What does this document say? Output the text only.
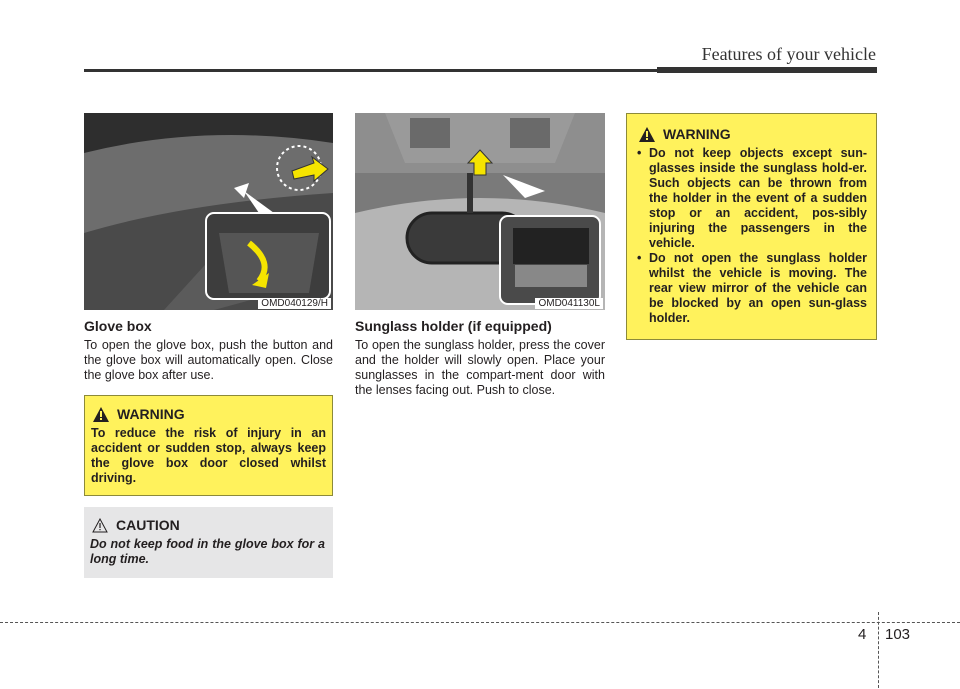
Features of your vehicle
OMD040129/H
Glove box
To open the glove box, push the button and the glove box will automatically open. Close the glove box after use.
WARNING
To reduce the risk of injury in an accident or sudden stop, always keep the glove box door closed whilst driving.
CAUTION
Do not keep food in the glove box for a long time.
OMD041130L
Sunglass holder (if equipped)
To open the sunglass holder, press the cover and the holder will slowly open. Place your sunglasses in the compart-ment door with the lenses facing out. Push to close.
WARNING
• Do not keep objects except sun-glasses inside the sunglass hold-er. Such objects can be thrown from the holder in the event of a sudden stop or an accident, pos-sibly injuring the passengers in the vehicle.
• Do not open the sunglass holder whilst the vehicle is moving. The rear view mirror of the vehicle can be blocked by an open sun-glass holder.
4 103
